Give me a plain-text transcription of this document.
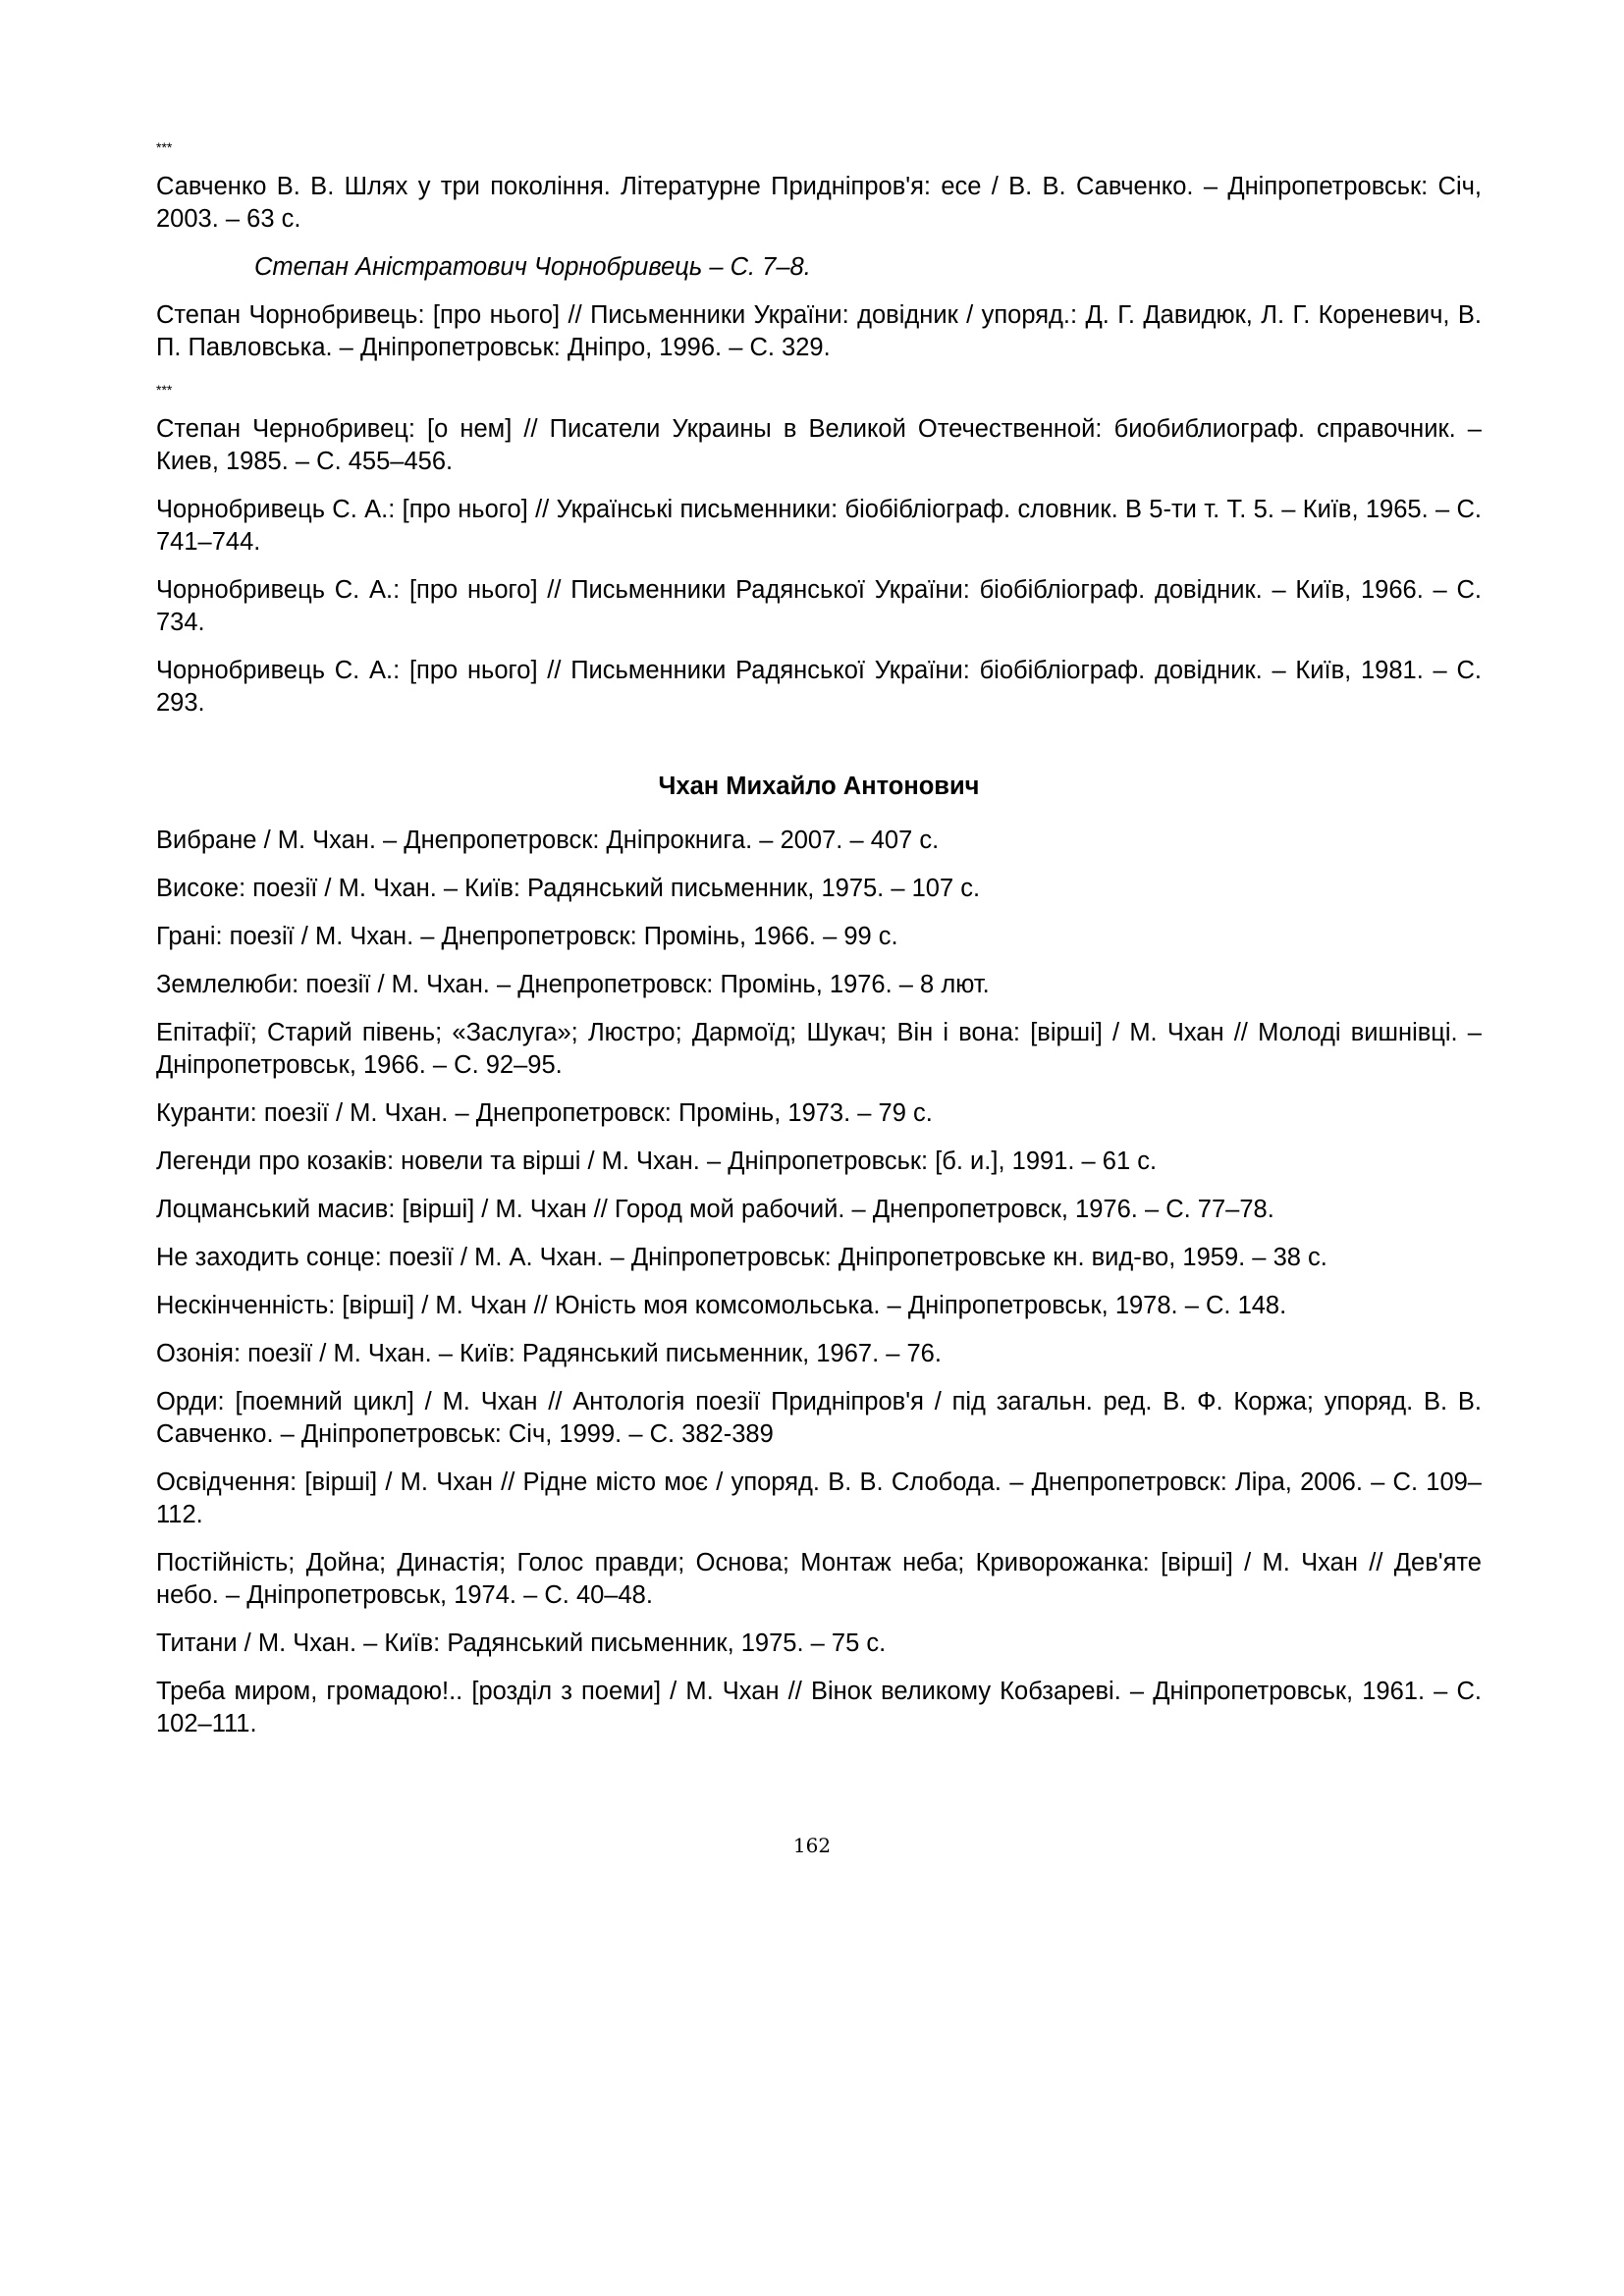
***

Савченко В. В. Шлях у три покоління. Літературне Придніпров'я: есе / В. В. Савченко. – Дніпропетровськ: Січ, 2003. – 63 с.

Степан Аністратович Чорнобривець – С. 7–8.

Степан Чорнобривець: [про нього] // Письменники України: довідник / упоряд.: Д. Г. Давидюк, Л. Г. Кореневич, В. П. Павловська. – Дніпропетровськ: Дніпро, 1996. – С. 329.

***

Степан Чернобривец: [о нем] // Писатели Украины в Великой Отечественной: биобиблиограф. справочник. – Киев, 1985. – С. 455–456.

Чорнобривець С. А.: [про нього] // Українські письменники: біобібліограф. словник. В 5-ти т. Т. 5. – Київ, 1965. – С. 741–744.

Чорнобривець С. А.: [про нього] // Письменники Радянської України: біобібліограф. довідник. – Київ, 1966. – С. 734.

Чорнобривець С. А.: [про нього] // Письменники Радянської України: біобібліограф. довідник. – Київ, 1981. – С. 293.

Чхан Михайло Антонович

Вибране / М. Чхан. – Днепропетровск: Дніпрокнига. – 2007. – 407 с.

Високе: поезії / М. Чхан. – Київ: Радянський письменник, 1975. – 107 с.

Грані: поезії / М. Чхан. – Днепропетровск: Промінь, 1966. – 99 с.

Землелюби: поезії / М. Чхан. – Днепропетровск: Промінь, 1976. – 8 лют.

Епітафії; Старий півень; «Заслуга»; Люстро; Дармоїд; Шукач; Він і вона: [вірші] / М. Чхан // Молоді вишнівці. – Дніпропетровськ, 1966. – С. 92–95.

Куранти: поезії / М. Чхан. – Днепропетровск: Промінь, 1973. – 79 с.

Легенди про козаків: новели та вірші / М. Чхан. – Дніпропетровськ: [б. и.], 1991. – 61 с.

Лоцманський масив: [вірші] / М. Чхан // Город мой рабочий. – Днепропетровск, 1976. – С. 77–78.

Не заходить сонце: поезії / М. А. Чхан. – Дніпропетровськ: Дніпропетровське кн. вид-во, 1959. – 38 с.

Нескінченність: [вірші] / М. Чхан // Юність моя комсомольська. – Дніпропетровськ, 1978. – С. 148.

Озонія: поезії / М. Чхан. – Київ: Радянський письменник, 1967. – 76.

Орди: [поемний цикл] / М. Чхан // Антологія поезії Придніпров'я / під загальн. ред. В. Ф. Коржа; упоряд. В. В. Савченко. – Дніпропетровськ: Січ, 1999. – С. 382-389

Освідчення: [вірші] / М. Чхан // Рідне місто моє / упоряд. В. В. Слобода. – Днепропетровск: Ліра, 2006. – С. 109–112.

Постійність; Дойна; Династія; Голос правди; Основа; Монтаж неба; Криворожанка: [вірші] / М. Чхан // Дев'яте небо. – Дніпропетровськ, 1974. – С. 40–48.

Титани / М. Чхан. – Київ: Радянський письменник, 1975. – 75 с.

Треба миром, громадою!.. [розділ з поеми] / М. Чхан // Вінок великому Кобзареві. – Дніпропетровськ, 1961. – С. 102–111.

162
